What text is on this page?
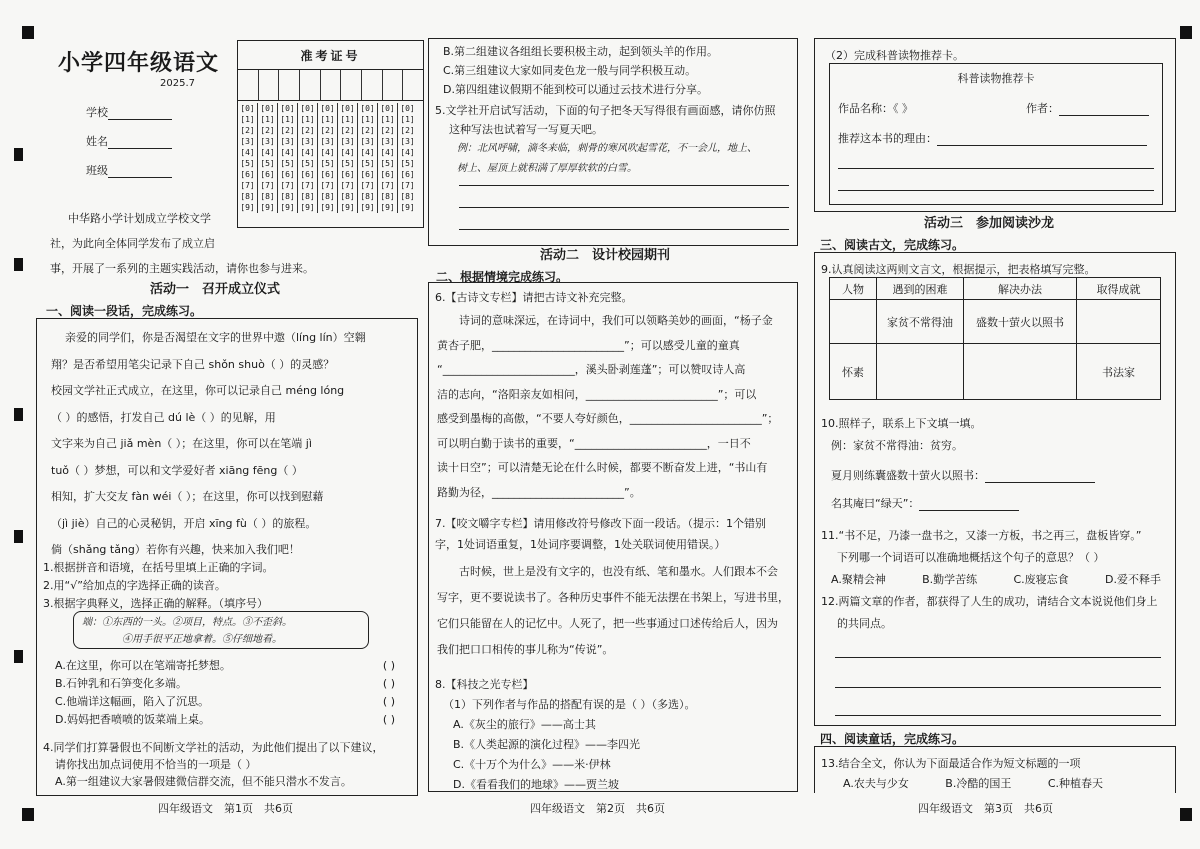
小学四年级语文
2025.7
学校
姓名
班级
准考证号
[0]	[0]	[0]	[0]	[0]	[0]	[0]	[0]	[0]
[1]	[1]	[1]	[1]	[1]	[1]	[1]	[1]	[1]
[2]	[2]	[2]	[2]	[2]	[2]	[2]	[2]	[2]
[3]	[3]	[3]	[3]	[3]	[3]	[3]	[3]	[3]
[4]	[4]	[4]	[4]	[4]	[4]	[4]	[4]	[4]
[5]	[5]	[5]	[5]	[5]	[5]	[5]	[5]	[5]
[6]	[6]	[6]	[6]	[6]	[6]	[6]	[6]	[6]
[7]	[7]	[7]	[7]	[7]	[7]	[7]	[7]	[7]
[8]	[8]	[8]	[8]	[8]	[8]	[8]	[8]	[8]
[9]	[9]	[9]	[9]	[9]	[9]	[9]	[9]	[9]
中华路小学计划成立学校文学
社，为此向全体同学发布了成立启
事，开展了一系列的主题实践活动，请你也参与进来。
活动一　召开成立仪式
一、阅读一段话，完成练习。
亲爱的同学们，你是否渴望在文字的世界中遨（líng lín）空翱
翔？是否希望用笔尖记录下自己 shǒn shuò（ ）的灵感？
校园文学社正式成立，在这里，你可以记录自己 méng lóng
（ ）的感悟，打发自己 dú lè（ ）的见解，用
文字来为自己 jiǎ mèn（ ）；在这里，你可以在笔端 jì
tuǒ（ ）梦想，可以和文学爱好者 xiāng fēng（ ）
相知，扩大交友 fàn wéi（ ）；在这里，你可以找到慰藉
（jì jiè）自己的心灵秘钥，开启 xīng fù（ ）的旅程。
倘（shǎng tǎng）若你有兴趣，快来加入我们吧！
1.根据拼音和语境，在括号里填上正确的字词。
2.用“√”给加点的字选择正确的读音。
3.根据字典释义，选择正确的解释。（填序号）
端：①东西的一头。②项目，特点。③不歪斜。
④用手很平正地拿着。⑤仔细地看。
A.在这里，你可以在笔端寄托梦想。	( )
B.石钟乳和石笋变化多端。	( )
C.他端详这幅画，陷入了沉思。	( )
D.妈妈把香喷喷的饭菜端上桌。	( )
4.同学们打算暑假也不间断文学社的活动，为此他们提出了以下建议，
请你找出加点词使用不恰当的一项是（ ）
A.第一组建议大家暑假建微信群交流，但不能只潜水不发言。
四年级语文　第1页　共6页
B.第二组建议各组组长要积极主动，起到领头羊的作用。
C.第三组建议大家如同麦色龙一般与同学积极互动。
D.第四组建议假期不能到校可以通过云技术进行分享。
5.文学社开启试写活动，下面的句子把冬天写得很有画面感，请你仿照
这种写法也试着写一写夏天吧。
例：北风呼啸，滴冬来临，刺骨的寒风吹起雪花，不一会儿，地上、
树上、屋顶上就积满了厚厚软软的白雪。
活动二　设计校园期刊
二、根据情境完成练习。
6.【古诗文专栏】请把古诗文补充完整。
诗词的意味深远，在诗词中，我们可以领略美妙的画面，“杨子金
黄杏子肥，________________________”；可以感受儿童的童真
“________________________，溪头卧剥莲蓬”；可以赞叹诗人高
洁的志向，“洛阳亲友如相问，________________________”；可以
感受到墨梅的高傲，“不要人夸好颜色，________________________”；
可以明白勤于读书的重要，“________________________，一日不
读十日空”；可以清楚无论在什么时候，都要不断奋发上进，“书山有
路勤为径，________________________”。
7.【咬文嚼字专栏】请用修改符号修改下面一段话。（提示：1个错别
字，1处词语重复，1处词序要调整，1处关联词使用错误。）
古时候，世上是没有文字的，也没有纸、笔和墨水。人们跟本不会
写字，更不要说读书了。各种历史事件不能无法摆在书架上，写进书里，
它们只能留在人的记忆中。人死了，把一些事通过口述传给后人，因为
我们把口口相传的事儿称为“传说”。
8.【科技之光专栏】
（1）下列作者与作品的搭配有误的是（ ）（多选）。
A.《灰尘的旅行》——高士其
B.《人类起源的演化过程》——李四光
C.《十万个为什么》——米·伊林
D.《看看我们的地球》——贾兰坡
四年级语文　第2页　共6页
（2）完成科普读物推荐卡。
科普读物推荐卡
作品名称：《 》	作者：
推荐这本书的理由：
活动三　参加阅读沙龙
三、阅读古文，完成练习。
9.认真阅读这两则文言文，根据提示，把表格填写完整。
人物	遇到的困难	解决办法	取得成就
	家贫不常得油	盛数十萤火以照书	
怀素			书法家
10.照样子，联系上下文填一填。
例：家贫不常得油：贫穷。
夏月则练囊盛数十萤火以照书：
名其庵曰“绿天”：
11.“书不足，乃漆一盘书之，又漆一方板，书之再三，盘板皆穿。”
下列哪一个词语可以准确地概括这个句子的意思？（ ）
A.聚精会神	B.勤学苦练	C.废寝忘食	D.爱不释手
12.两篇文章的作者，都获得了人生的成功，请结合文本说说他们身上
的共同点。
四、阅读童话，完成练习。
13.结合全文，你认为下面最适合作为短文标题的一项
A.农夫与少女	B.冷酷的国王	C.种植春天
四年级语文　第3页　共6页
